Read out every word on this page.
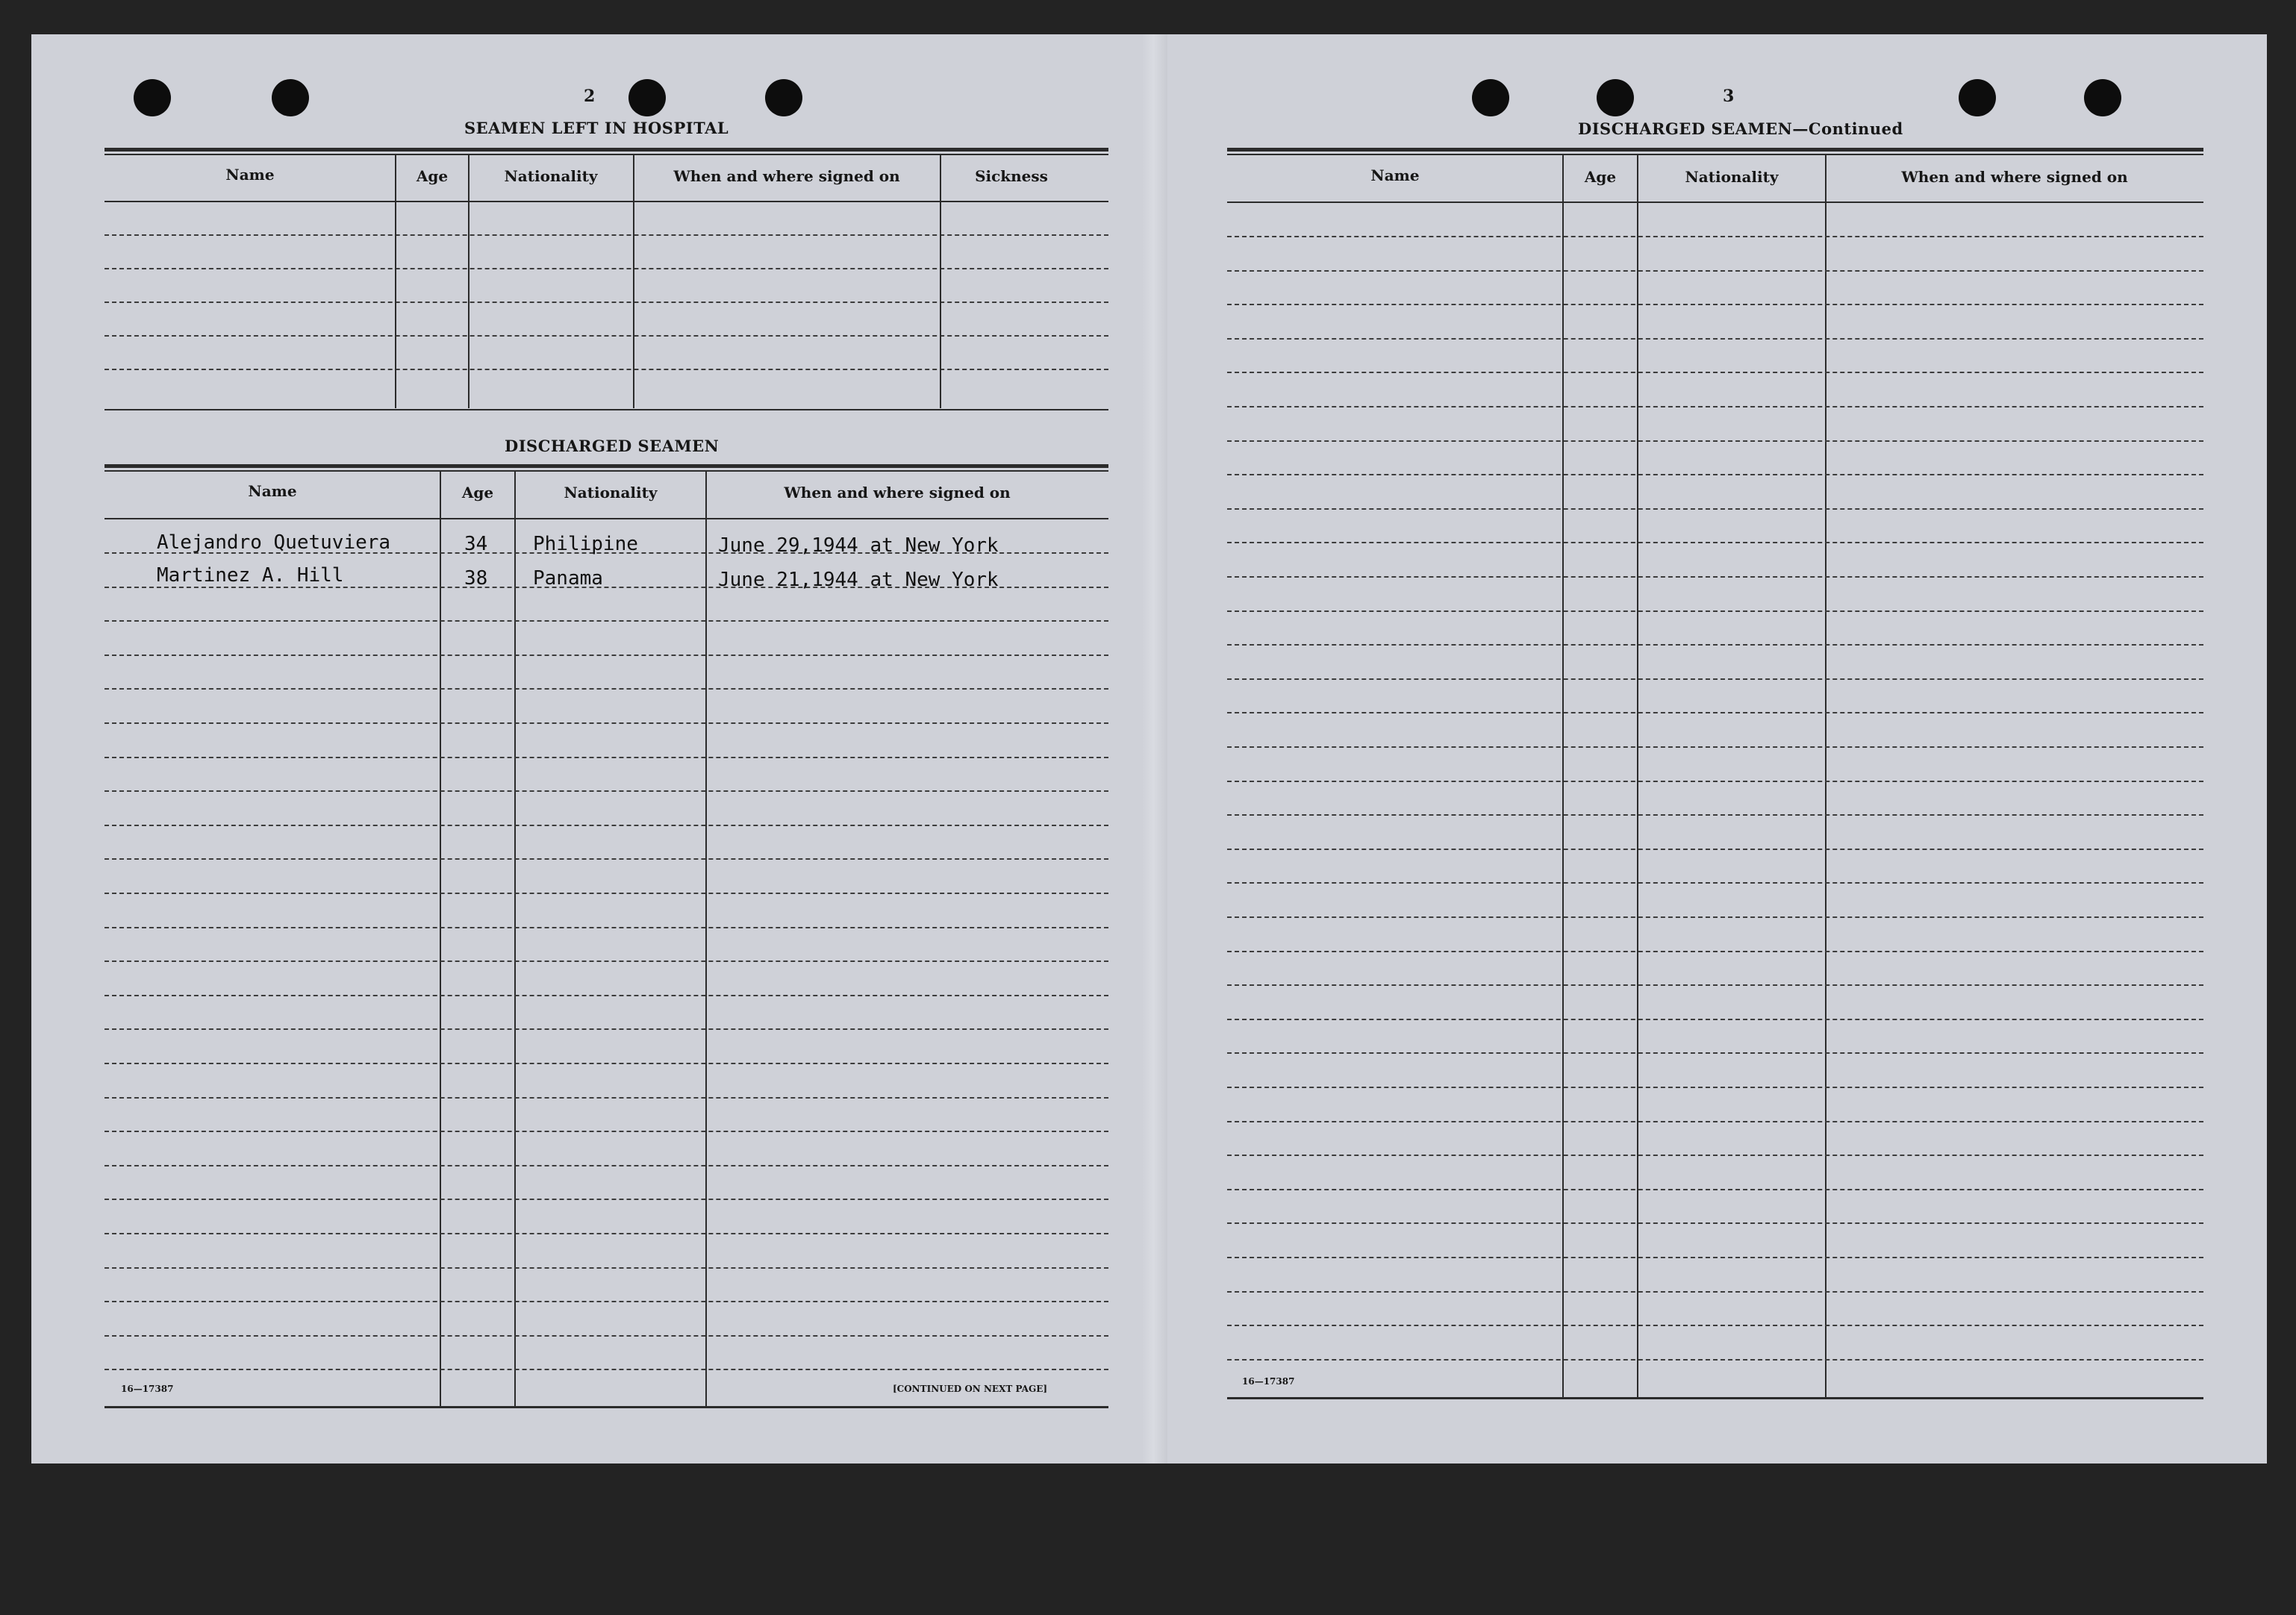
2
SEAMEN LEFT IN HOSPITAL
Name	Age	Nationality	When and where signed on	Sickness
DISCHARGED SEAMEN
Name	Age	Nationality	When and where signed on
Alejandro Quetuviera	34 Philipine	June 29,1944 at New York
Martinez A. Hill	38 Panama	June 21,1944 at New York
16—17387	[CONTINUED ON NEXT PAGE]
3
DISCHARGED SEAMEN—Continued
Name	Age	Nationality	When and where signed on
16—17387
